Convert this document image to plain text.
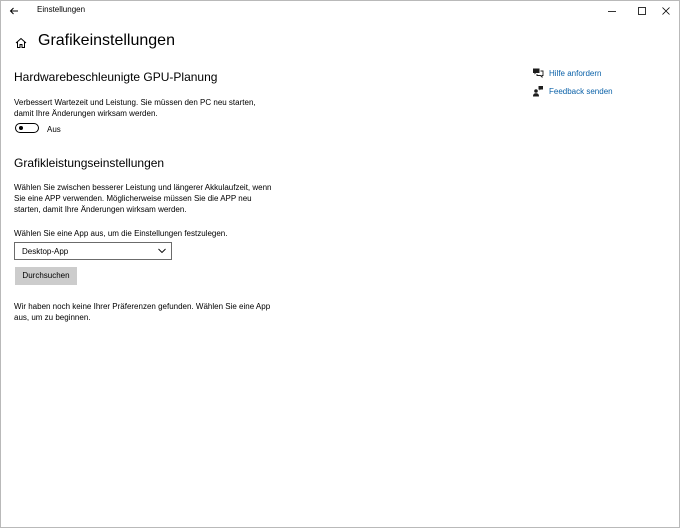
Einstellungen
Grafikeinstellungen
Hardwarebeschleunigte GPU-Planung
Verbessert Wartezeit und Leistung. Sie müssen den PC neu starten,
damit Ihre Änderungen wirksam werden.
Aus
Grafikleistungseinstellungen
Wählen Sie zwischen besserer Leistung und längerer Akkulaufzeit, wenn
Sie eine APP verwenden. Möglicherweise müssen Sie die APP neu
starten, damit Ihre Änderungen wirksam werden.
Wählen Sie eine App aus, um die Einstellungen festzulegen.
Desktop-App
Durchsuchen
Wir haben noch keine Ihrer Präferenzen gefunden. Wählen Sie eine App
aus, um zu beginnen.
Hilfe anfordern
Feedback senden
